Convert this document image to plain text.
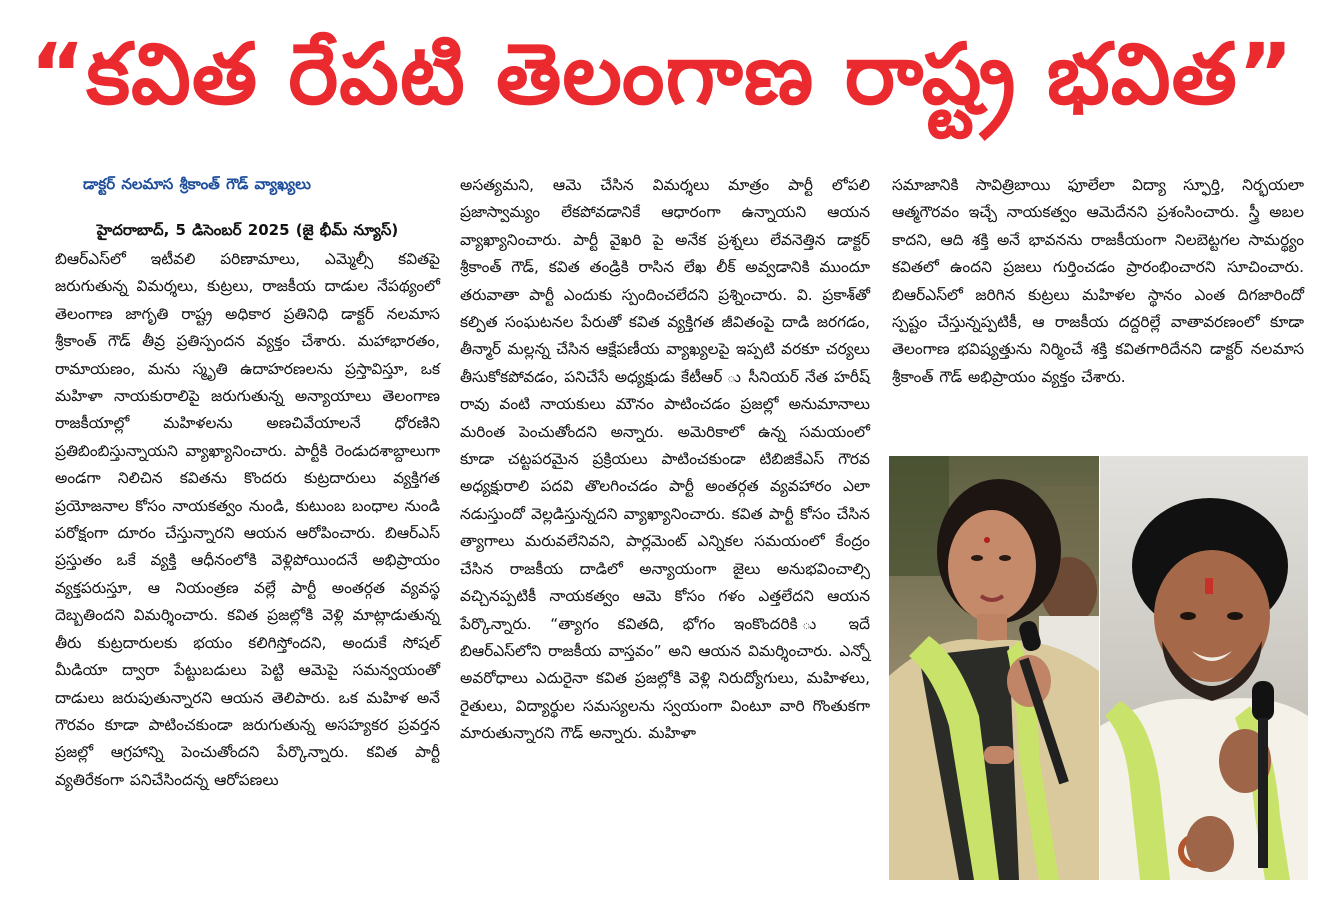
“కవిత రేపటి తెలంగాణ రాష్ట్ర భవిత”
డాక్టర్ నలమాస శ్రీకాంత్ గౌడ్ వ్యాఖ్యలు
హైదరాబాద్, 5 డిసెంబర్ 2025 (జై భీమ్ న్యూస్)
బిఆర్ఎస్‌లో ఇటీవలి పరిణామాలు, ఎమ్మెల్సీ కవితపై జరుగుతున్న విమర్శలు, కుట్రలు, రాజకీయ దాడుల నేపథ్యంలో తెలంగాణ జాగృతి రాష్ట్ర అధికార ప్రతినిధి డాక్టర్ నలమాస శ్రీకాంత్ గౌడ్ తీవ్ర ప్రతిస్పందన వ్యక్తం చేశారు. మహాభారతం, రామాయణం, మను స్మృతి ఉదాహరణలను ప్రస్తావిస్తూ, ఒక మహిళా నాయకురాలిపై జరుగుతున్న అన్యాయాలు తెలంగాణ రాజకీయాల్లో మహిళలను అణచివేయాలనే ధోరణిని ప్రతిబింబిస్తున్నాయని వ్యాఖ్యానించారు. పార్టీకి రెండుదశాబ్దాలుగా అండగా నిలిచిన కవితను కొందరు కుట్రదారులు వ్యక్తిగత ప్రయోజనాల కోసం నాయకత్వం నుండి, కుటుంబ బంధాల నుండి పరోక్షంగా దూరం చేస్తున్నారని ఆయన ఆరోపించారు. బిఆర్ఎస్ ప్రస్తుతం ఒకే వ్యక్తి ఆధీనంలోకి వెళ్లిపోయిందనే అభిప్రాయం వ్యక్తపరుస్తూ, ఆ నియంత్రణ వల్లే పార్టీ అంతర్గత వ్యవస్థ దెబ్బతిందని విమర్శించారు. కవిత ప్రజల్లోకి వెళ్లి మాట్లాడుతున్న తీరు కుట్రదారులకు భయం కలిగిస్తోందని, అందుకే సోషల్ మీడియా ద్వారా పేట్టుబడులు పెట్టి ఆమెపై సమన్వయంతో దాడులు జరుపుతున్నారని ఆయన తెలిపారు. ఒక మహిళ అనే గౌరవం కూడా పాటించకుండా జరుగుతున్న అసహ్యకర ప్రవర్తన ప్రజల్లో ఆగ్రహాన్ని పెంచుతోందని పేర్కొన్నారు. కవిత పార్టీ వ్యతిరేకంగా పనిచేసిందన్న ఆరోపణలు
అసత్యమని, ఆమె చేసిన విమర్శలు మాత్రం పార్టీ లోపలి ప్రజాస్వామ్యం లేకపోవడానికే ఆధారంగా ఉన్నాయని ఆయన వ్యాఖ్యానించారు. పార్టీ వైఖరి పై అనేక ప్రశ్నలు లేవనెత్తిన డాక్టర్ శ్రీకాంత్ గౌడ్, కవిత తండ్రికి రాసిన లేఖ లీక్ అవ్వడానికి ముందూ తరువాతా పార్టీ ఎందుకు స్పందించలేదని ప్రశ్నించారు. వి. ప్రకాశ్‌తో కల్పిత సంఘటనల పేరుతో కవిత వ్యక్తిగత జీవితంపై దాడి జరగడం, తీన్మార్ మల్లన్న చేసిన ఆక్షేపణీయ వ్యాఖ్యలపై ఇప్పటి వరకూ చర్యలు తీసుకోకపోవడం, పనిచేసే అధ్యక్షుడు కేటీఆర్ ు సీనియర్ నేత హరీష్ రావు వంటి నాయకులు మౌనం పాటించడం ప్రజల్లో అనుమానాలు మరింత పెంచుతోందని అన్నారు. అమెరికాలో ఉన్న సమయంలో కూడా చట్టపరమైన ప్రక్రియలు పాటించకుండా టిబిజికేఎస్ గౌరవ అధ్యక్షురాలి పదవి తొలగించడం పార్టీ అంతర్గత వ్యవహారం ఎలా నడుస్తుందో వెల్లడిస్తున్నదని వ్యాఖ్యానించారు. కవిత పార్టీ కోసం చేసిన త్యాగాలు మరువలేనివని, పార్లమెంట్ ఎన్నికల సమయంలో కేంద్రం చేసిన రాజకీయ దాడిలో అన్యాయంగా జైలు అనుభవించాల్సి వచ్చినప్పటికీ నాయకత్వం ఆమె కోసం గళం ఎత్తలేదని ఆయన పేర్కొన్నారు. “త్యాగం కవితది, భోగం ఇంకొందరికి ు ఇదే బిఆర్ఎస్‌లోని రాజకీయ వాస్తవం” అని ఆయన విమర్శించారు. ఎన్నో అవరోధాలు ఎదురైనా కవిత ప్రజల్లోకి వెళ్లి నిరుద్యోగులు, మహిళలు, రైతులు, విద్యార్థుల సమస్యలను స్వయంగా వింటూ వారి గొంతుకగా మారుతున్నారని గౌడ్ అన్నారు. మహిళా
సమాజానికి సావిత్రిబాయి ఫూలేలా విద్యా స్ఫూర్తి, నిర్భయలా ఆత్మగౌరవం ఇచ్చే నాయకత్వం ఆమెదేనని ప్రశంసించారు. స్త్రీ అబల కాదని, ఆది శక్తి అనే భావనను రాజకీయంగా నిలబెట్టగల సామర్థ్యం కవితలో ఉందని ప్రజలు గుర్తించడం ప్రారంభించారని సూచించారు. బిఆర్ఎస్‌లో జరిగిన కుట్రలు మహిళల స్థానం ఎంత దిగజారిందో స్పష్టం చేస్తున్నప్పటికీ, ఆ రాజకీయ దద్దరిల్లే వాతావరణంలో కూడా తెలంగాణ భవిష్యత్తును నిర్మించే శక్తి కవితగారిదేనని డాక్టర్ నలమాస శ్రీకాంత్ గౌడ్ అభిప్రాయం వ్యక్తం చేశారు.
